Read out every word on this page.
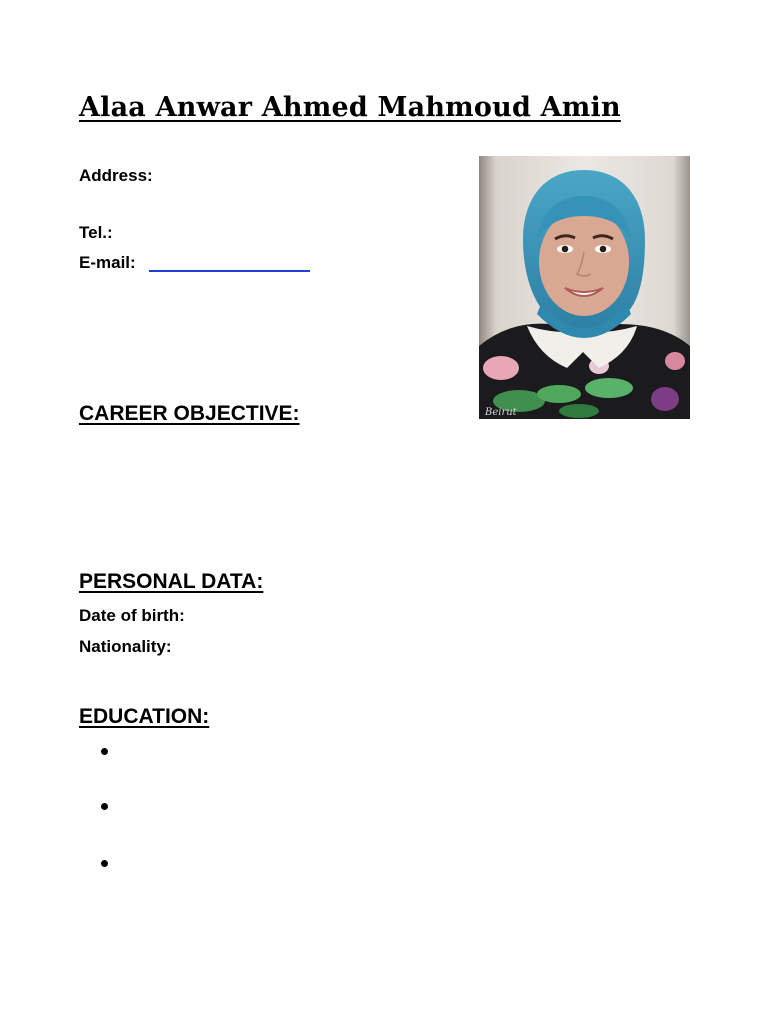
Alaa Anwar Ahmed Mahmoud Amin
Address:
Tel.:
E-mail:
Beirut
CAREER OBJECTIVE:
PERSONAL DATA:
Date of birth:
Nationality:
EDUCATION:
